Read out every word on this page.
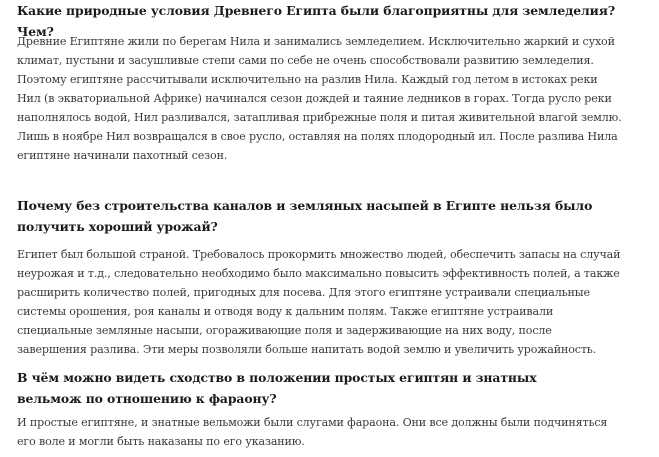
Какие природные условия Древнего Египта были благоприятны для земледелия? Чем?

Древние Египтяне жили по берегам Нила и занимались земледелием. Исключительно жаркий и сухой климат, пустыни и засушливые степи сами по себе не очень способствовали развитию земледелия. Поэтому египтяне рассчитывали исключительно на разлив Нила. Каждый год летом в истоках реки Нил (в экваториальной Африке) начинался сезон дождей и таяние ледников в горах. Тогда русло реки наполнялось водой, Нил разливался, затапливая прибрежные поля и питая живительной влагой землю. Лишь в ноябре Нил возвращался в свое русло, оставляя на полях плодородный ил. После разлива Нила египтяне начинали пахотный сезон.

Почему без строительства каналов и земляных насыпей в Египте нельзя было получить хороший урожай?

Египет был большой страной. Требовалось прокормить множество людей, обеспечить запасы на случай неурожая и т.д., следовательно необходимо было максимально повысить эффективность полей, а также расширить количество полей, пригодных для посева. Для этого египтяне устраивали специальные системы орошения, роя каналы и отводя воду к дальним полям. Также египтяне устраивали специальные земляные насыпи, огораживающие поля и задерживающие на них воду, после завершения разлива. Эти меры позволяли больше напитать водой землю и увеличить урожайность.

В чём можно видеть сходство в положении простых египтян и знатных вельмож по отношению к фараону?

И простые египтяне, и знатные вельможи были слугами фараона. Они все должны были подчиняться его воле и могли быть наказаны по его указанию.
